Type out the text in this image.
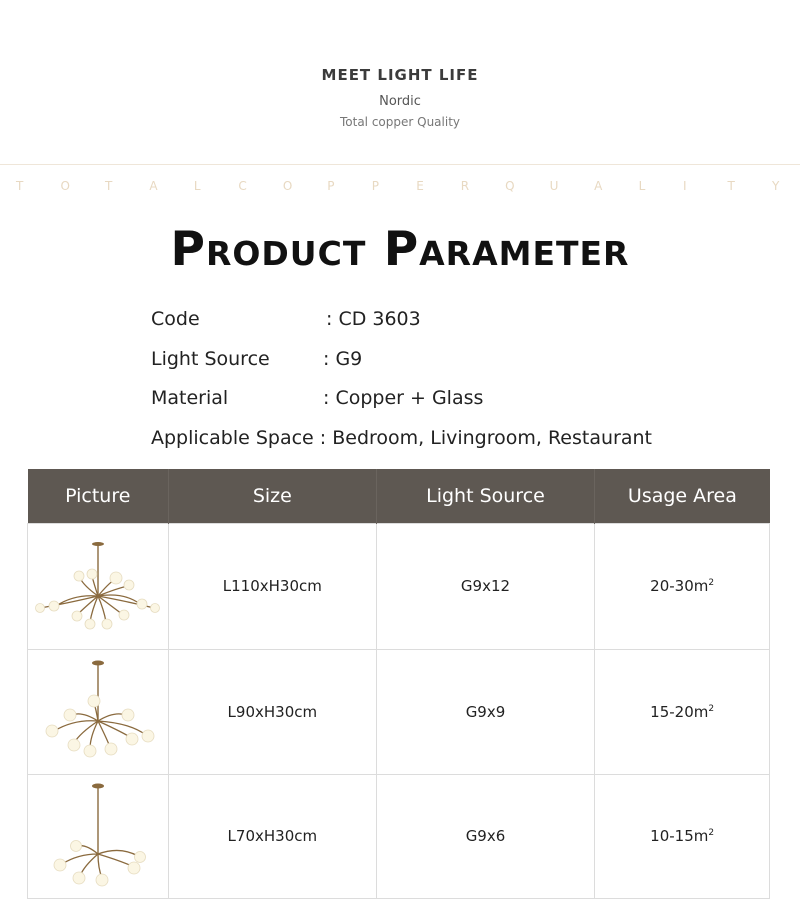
MEET LIGHT LIFE
Nordic
Total copper Quality
T	O	T	A	L	C	O	P	P	E	R	Q	U	A	L	I	T	Y
Product Parameter
Code	: CD 3603
Light Source	: G9
Material	: Copper + Glass
Applicable Space : Bedroom, Livingroom, Restaurant
Picture	Size	Light Source	Usage Area

	L110xH30cm	G9x12	$20-30m^2$

	L90xH30cm	G9x9	$15-20m^2$

	L70xH30cm	G9x6	$10-15m^2$
